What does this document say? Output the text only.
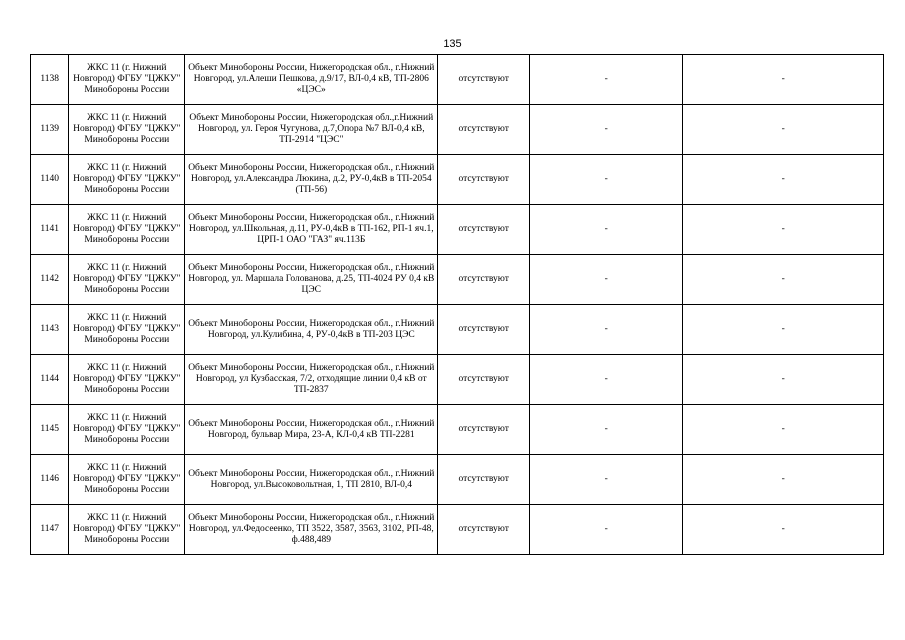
135
1138	ЖКС 11 (г. Нижний Новгород) ФГБУ "ЦЖКУ" Минобороны России	Объект Минобороны России, Нижегородская обл., г.Нижний Новгород, ул.Алеши Пешкова, д.9/17, ВЛ-0,4 кВ, ТП-2806 «ЦЭС»	отсутствуют	-	-
1139	ЖКС 11 (г. Нижний Новгород) ФГБУ "ЦЖКУ" Минобороны России	Объект Минобороны России, Нижегородская обл.,г.Нижний Новгород, ул. Героя Чугунова, д.7,Опора №7 ВЛ-0,4 кВ, ТП-2914 "ЦЭС"	отсутствуют	-	-
1140	ЖКС 11 (г. Нижний Новгород) ФГБУ "ЦЖКУ" Минобороны России	Объект Минобороны России, Нижегородская обл., г.Нижний Новгород, ул.Александра Люкина, д.2, РУ-0,4кВ в ТП-2054 (ТП-56)	отсутствуют	-	-
1141	ЖКС 11 (г. Нижний Новгород) ФГБУ "ЦЖКУ" Минобороны России	Объект Минобороны России, Нижегородская обл., г.Нижний Новгород, ул.Школьная, д.11, РУ-0,4кВ в ТП-162, РП-1 яч.1, ЦРП-1 ОАО "ГАЗ" яч.113Б	отсутствуют	-	-
1142	ЖКС 11 (г. Нижний Новгород) ФГБУ "ЦЖКУ" Минобороны России	Объект Минобороны России, Нижегородская обл., г.Нижний Новгород, ул. Маршала Голованова, д.25, ТП-4024 РУ 0,4 кВ ЦЭС	отсутствуют	-	-
1143	ЖКС 11 (г. Нижний Новгород) ФГБУ "ЦЖКУ" Минобороны России	Объект Минобороны России, Нижегородская обл., г.Нижний Новгород, ул.Кулибина, 4, РУ-0,4кВ в ТП-203 ЦЭС	отсутствуют	-	-
1144	ЖКС 11 (г. Нижний Новгород) ФГБУ "ЦЖКУ" Минобороны России	Объект Минобороны России, Нижегородская обл., г.Нижний Новгород, ул Кузбасская, 7/2, отходящие линии 0,4 кВ от ТП-2837	отсутствуют	-	-
1145	ЖКС 11 (г. Нижний Новгород) ФГБУ "ЦЖКУ" Минобороны России	Объект Минобороны России, Нижегородская обл., г.Нижний Новгород, бульвар Мира, 23-А, КЛ-0,4 кВ ТП-2281	отсутствуют	-	-
1146	ЖКС 11 (г. Нижний Новгород) ФГБУ "ЦЖКУ" Минобороны России	Объект Минобороны России, Нижегородская обл., г.Нижний Новгород, ул.Высоковольтная, 1, ТП 2810, ВЛ-0,4	отсутствуют	-	-
1147	ЖКС 11 (г. Нижний Новгород) ФГБУ "ЦЖКУ" Минобороны России	Объект Минобороны России, Нижегородская обл., г.Нижний Новгород, ул.Федосеенко, ТП 3522, 3587, 3563, 3102, РП-48, ф.488,489	отсутствуют	-	-
